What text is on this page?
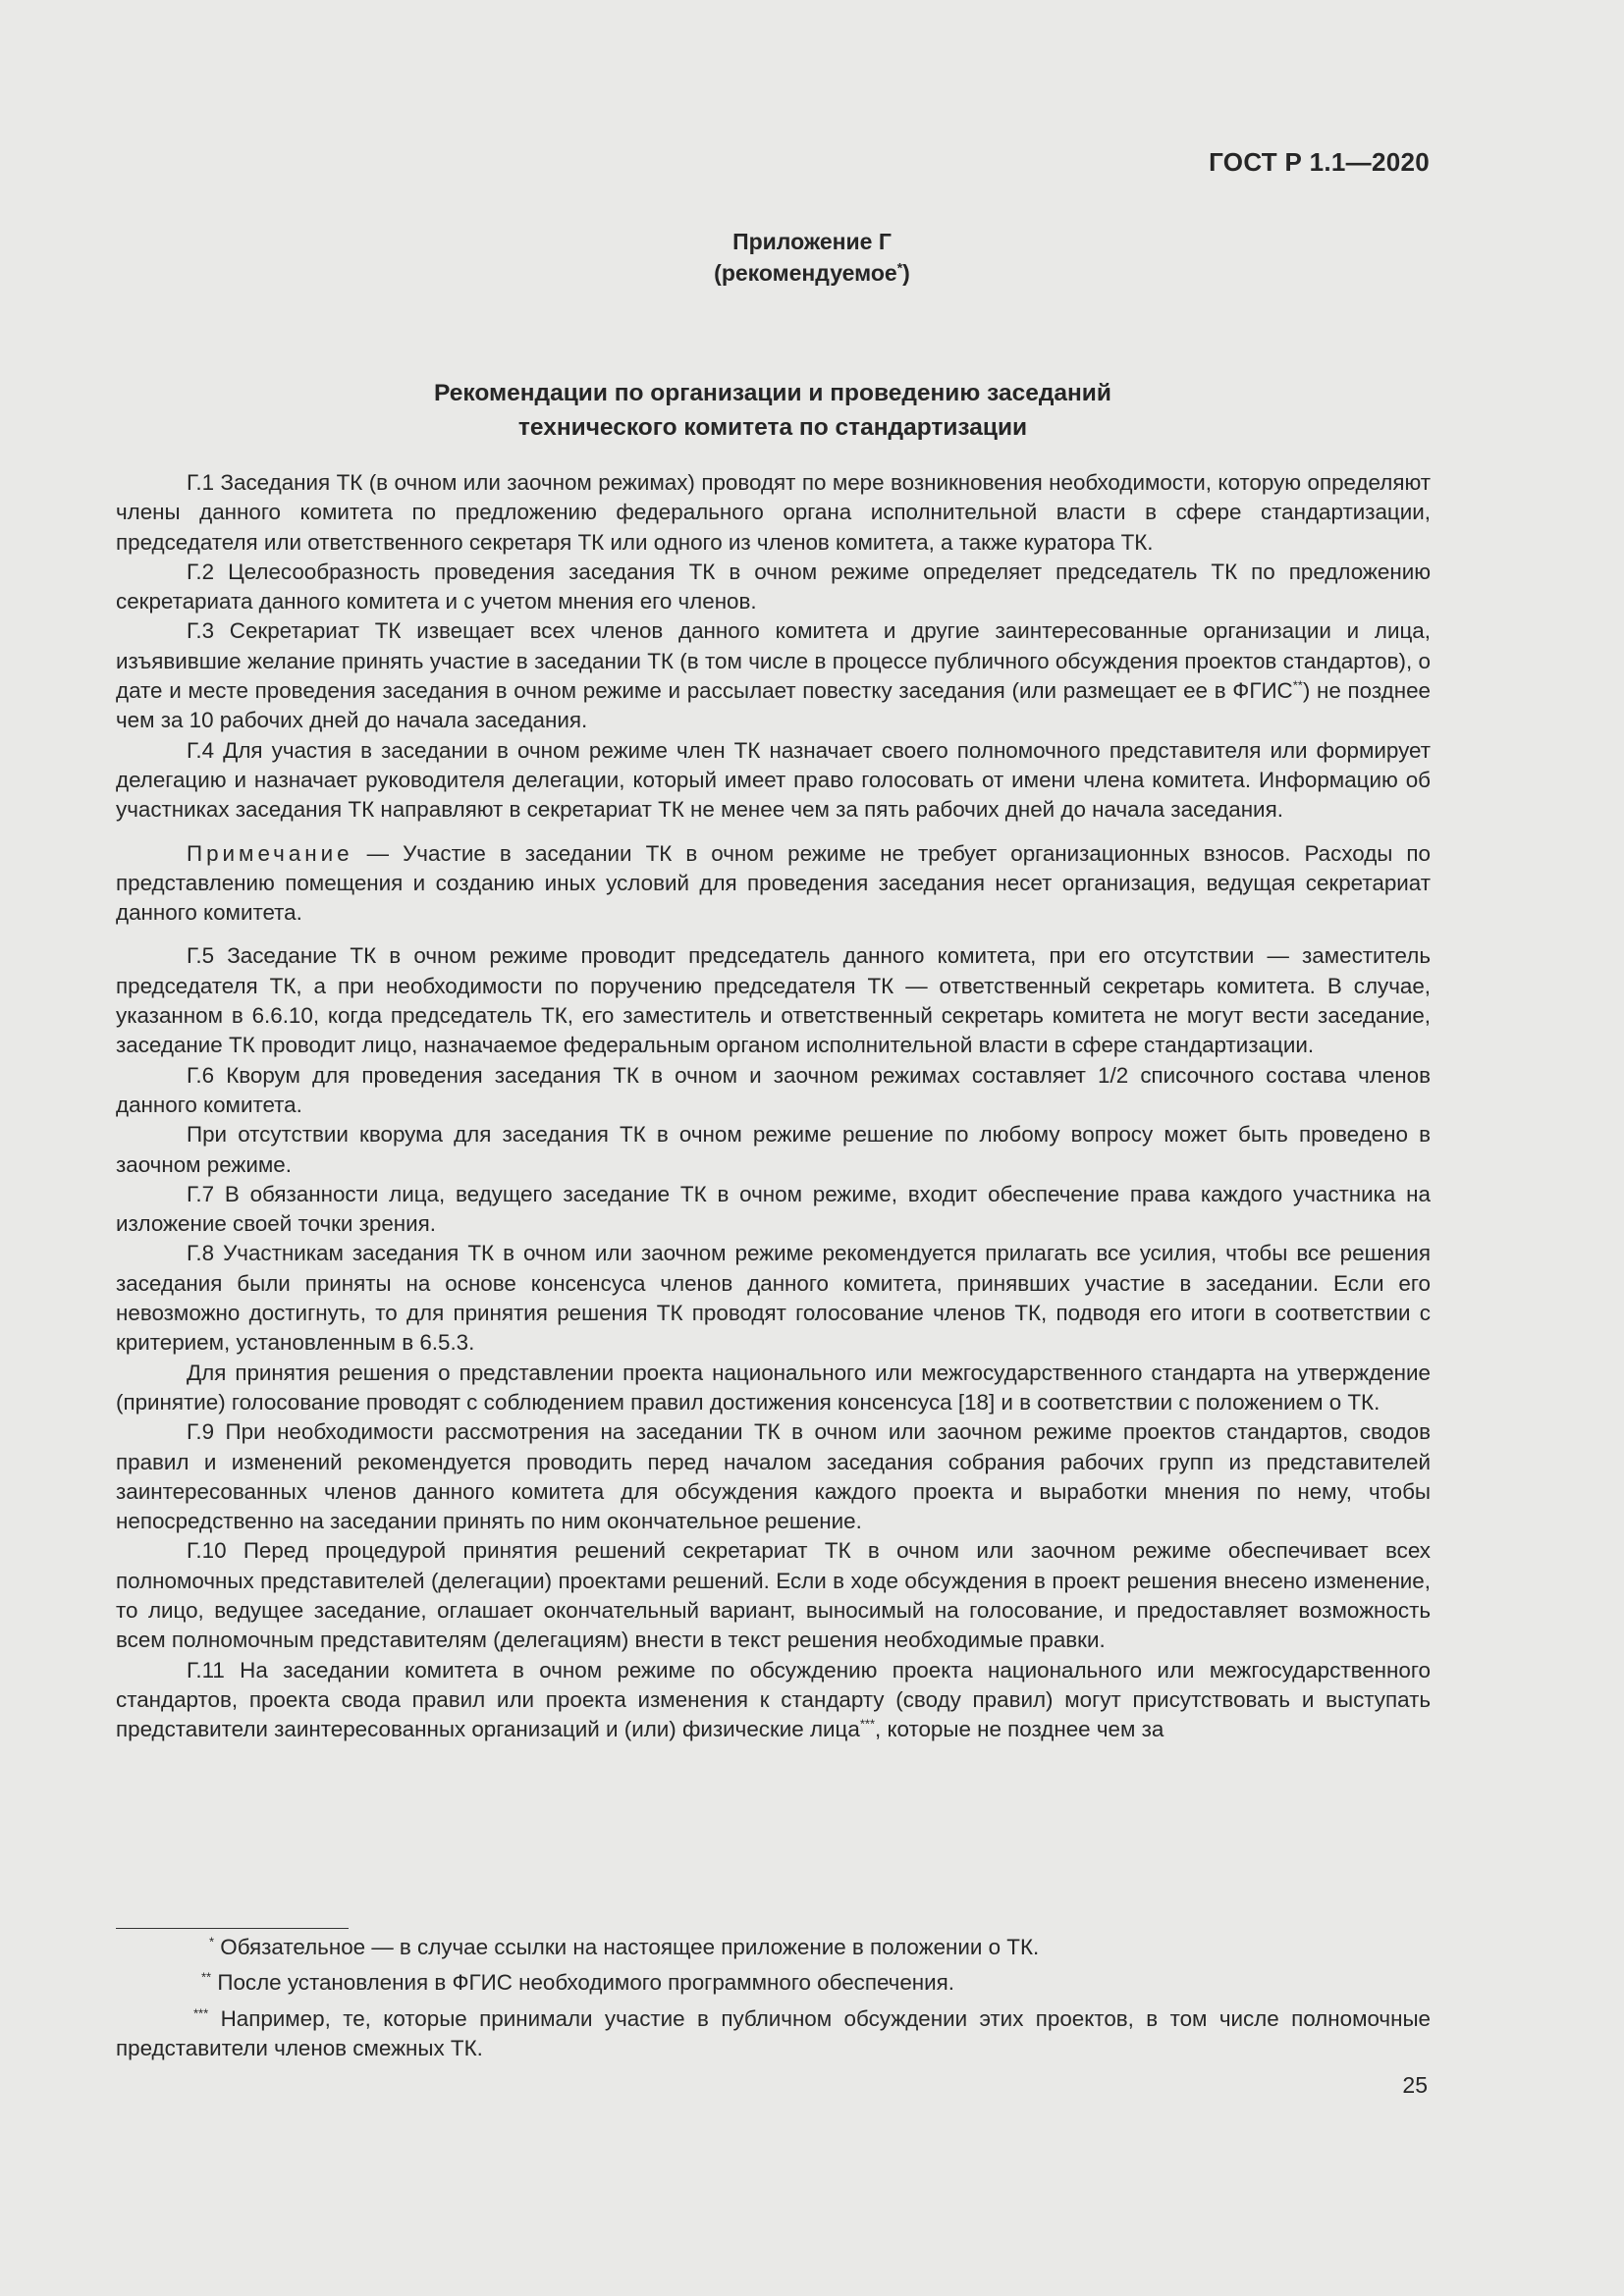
ГОСТ Р 1.1—2020
Приложение Г
(рекомендуемое*)
Рекомендации по организации и проведению заседаний
технического комитета по стандартизации

Г.1 Заседания ТК (в очном или заочном режимах) проводят по мере возникновения необходимости, которую определяют члены данного комитета по предложению федерального органа исполнительной власти в сфере стандартизации, председателя или ответственного секретаря ТК или одного из членов комитета, а также куратора ТК.

Г.2 Целесообразность проведения заседания ТК в очном режиме определяет председатель ТК по предложению секретариата данного комитета и с учетом мнения его членов.

Г.3 Секретариат ТК извещает всех членов данного комитета и другие заинтересованные организации и лица, изъявившие желание принять участие в заседании ТК (в том числе в процессе публичного обсуждения проектов стандартов), о дате и месте проведения заседания в очном режиме и рассылает повестку заседания (или размещает ее в ФГИС**) не позднее чем за 10 рабочих дней до начала заседания.

Г.4 Для участия в заседании в очном режиме член ТК назначает своего полномочного представителя или формирует делегацию и назначает руководителя делегации, который имеет право голосовать от имени члена комитета. Информацию об участниках заседания ТК направляют в секретариат ТК не менее чем за пять рабочих дней до начала заседания.

Примечание — Участие в заседании ТК в очном режиме не требует организационных взносов. Расходы по представлению помещения и созданию иных условий для проведения заседания несет организация, ведущая секретариат данного комитета.

Г.5 Заседание ТК в очном режиме проводит председатель данного комитета, при его отсутствии — заместитель председателя ТК, а при необходимости по поручению председателя ТК — ответственный секретарь комитета. В случае, указанном в 6.6.10, когда председатель ТК, его заместитель и ответственный секретарь комитета не могут вести заседание, заседание ТК проводит лицо, назначаемое федеральным органом исполнительной власти в сфере стандартизации.

Г.6 Кворум для проведения заседания ТК в очном и заочном режимах составляет 1/2 списочного состава членов данного комитета.

При отсутствии кворума для заседания ТК в очном режиме решение по любому вопросу может быть проведено в заочном режиме.

Г.7 В обязанности лица, ведущего заседание ТК в очном режиме, входит обеспечение права каждого участника на изложение своей точки зрения.

Г.8 Участникам заседания ТК в очном или заочном режиме рекомендуется прилагать все усилия, чтобы все решения заседания были приняты на основе консенсуса членов данного комитета, принявших участие в заседании. Если его невозможно достигнуть, то для принятия решения ТК проводят голосование членов ТК, подводя его итоги в соответствии с критерием, установленным в 6.5.3.

Для принятия решения о представлении проекта национального или межгосударственного стандарта на утверждение (принятие) голосование проводят с соблюдением правил достижения консенсуса [18] и в соответствии с положением о ТК.

Г.9 При необходимости рассмотрения на заседании ТК в очном или заочном режиме проектов стандартов, сводов правил и изменений рекомендуется проводить перед началом заседания собрания рабочих групп из представителей заинтересованных членов данного комитета для обсуждения каждого проекта и выработки мнения по нему, чтобы непосредственно на заседании принять по ним окончательное решение.

Г.10 Перед процедурой принятия решений секретариат ТК в очном или заочном режиме обеспечивает всех полномочных представителей (делегации) проектами решений. Если в ходе обсуждения в проект решения внесено изменение, то лицо, ведущее заседание, оглашает окончательный вариант, выносимый на голосование, и предоставляет возможность всем полномочным представителям (делегациям) внести в текст решения необходимые правки.

Г.11 На заседании комитета в очном режиме по обсуждению проекта национального или межгосударственного стандартов, проекта свода правил или проекта изменения к стандарту (своду правил) могут присутствовать и выступать представители заинтересованных организаций и (или) физические лица***, которые не позднее чем за

* Обязательное — в случае ссылки на настоящее приложение в положении о ТК.

** После установления в ФГИС необходимого программного обеспечения.

*** Например, те, которые принимали участие в публичном обсуждении этих проектов, в том числе полномочные представители членов смежных ТК.

25
